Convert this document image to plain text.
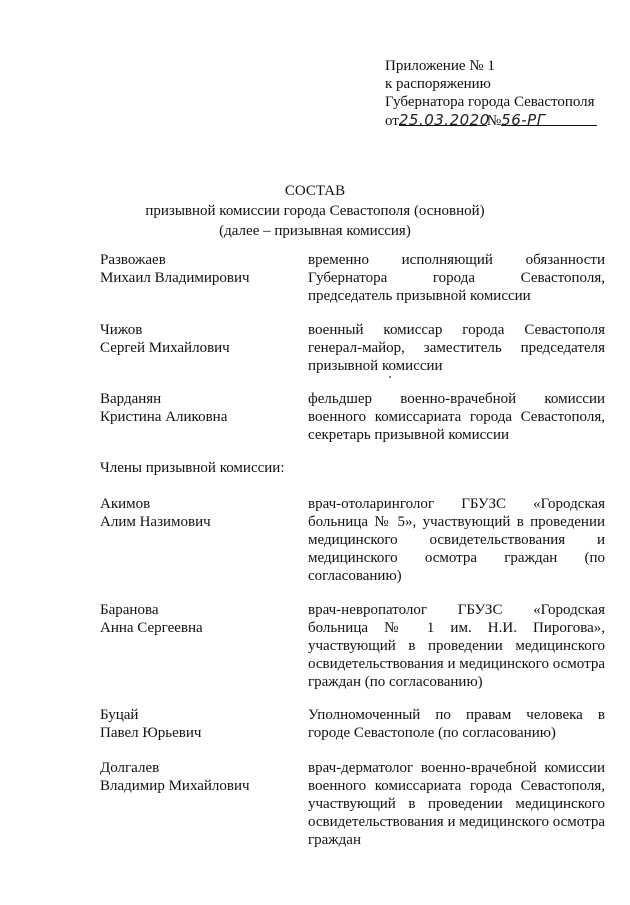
Приложение № 1
к распоряжению
Губернатора города Севастополя
от25.03.2020№56-РГ
СОСТАВ
призывной комиссии города Севастополя (основной)
(далее – призывная комиссия)
Развожаев
Михаил Владимирович
временно исполняющий обязанности Губернатора города Севастополя, председатель призывной комиссии
Чижов
Сергей Михайлович
военный комиссар города Севастополя генерал-майор, заместитель председателя призывной комиссии
Варданян
Кристина Аликовна
фельдшер военно-врачебной комиссии военного комиссариата города Севастополя, секретарь призывной комиссии
Члены призывной комиссии:
Акимов
Алим Назимович
врач-отоларинголог ГБУЗС «Городская больница № 5», участвующий в проведении медицинского освидетельствования и медицинского осмотра граждан (по согласованию)
Баранова
Анна Сергеевна
врач-невропатолог ГБУЗС «Городская больница № 1 им. Н.И. Пирогова», участвующий в проведении медицинского освидетельствования и медицинского осмотра граждан (по согласованию)
Буцай
Павел Юрьевич
Уполномоченный по правам человека в городе Севастополе (по согласованию)
Долгалев
Владимир Михайлович
врач-дерматолог военно-врачебной комиссии военного комиссариата города Севастополя, участвующий в проведении медицинского освидетельствования и медицинского осмотра граждан
